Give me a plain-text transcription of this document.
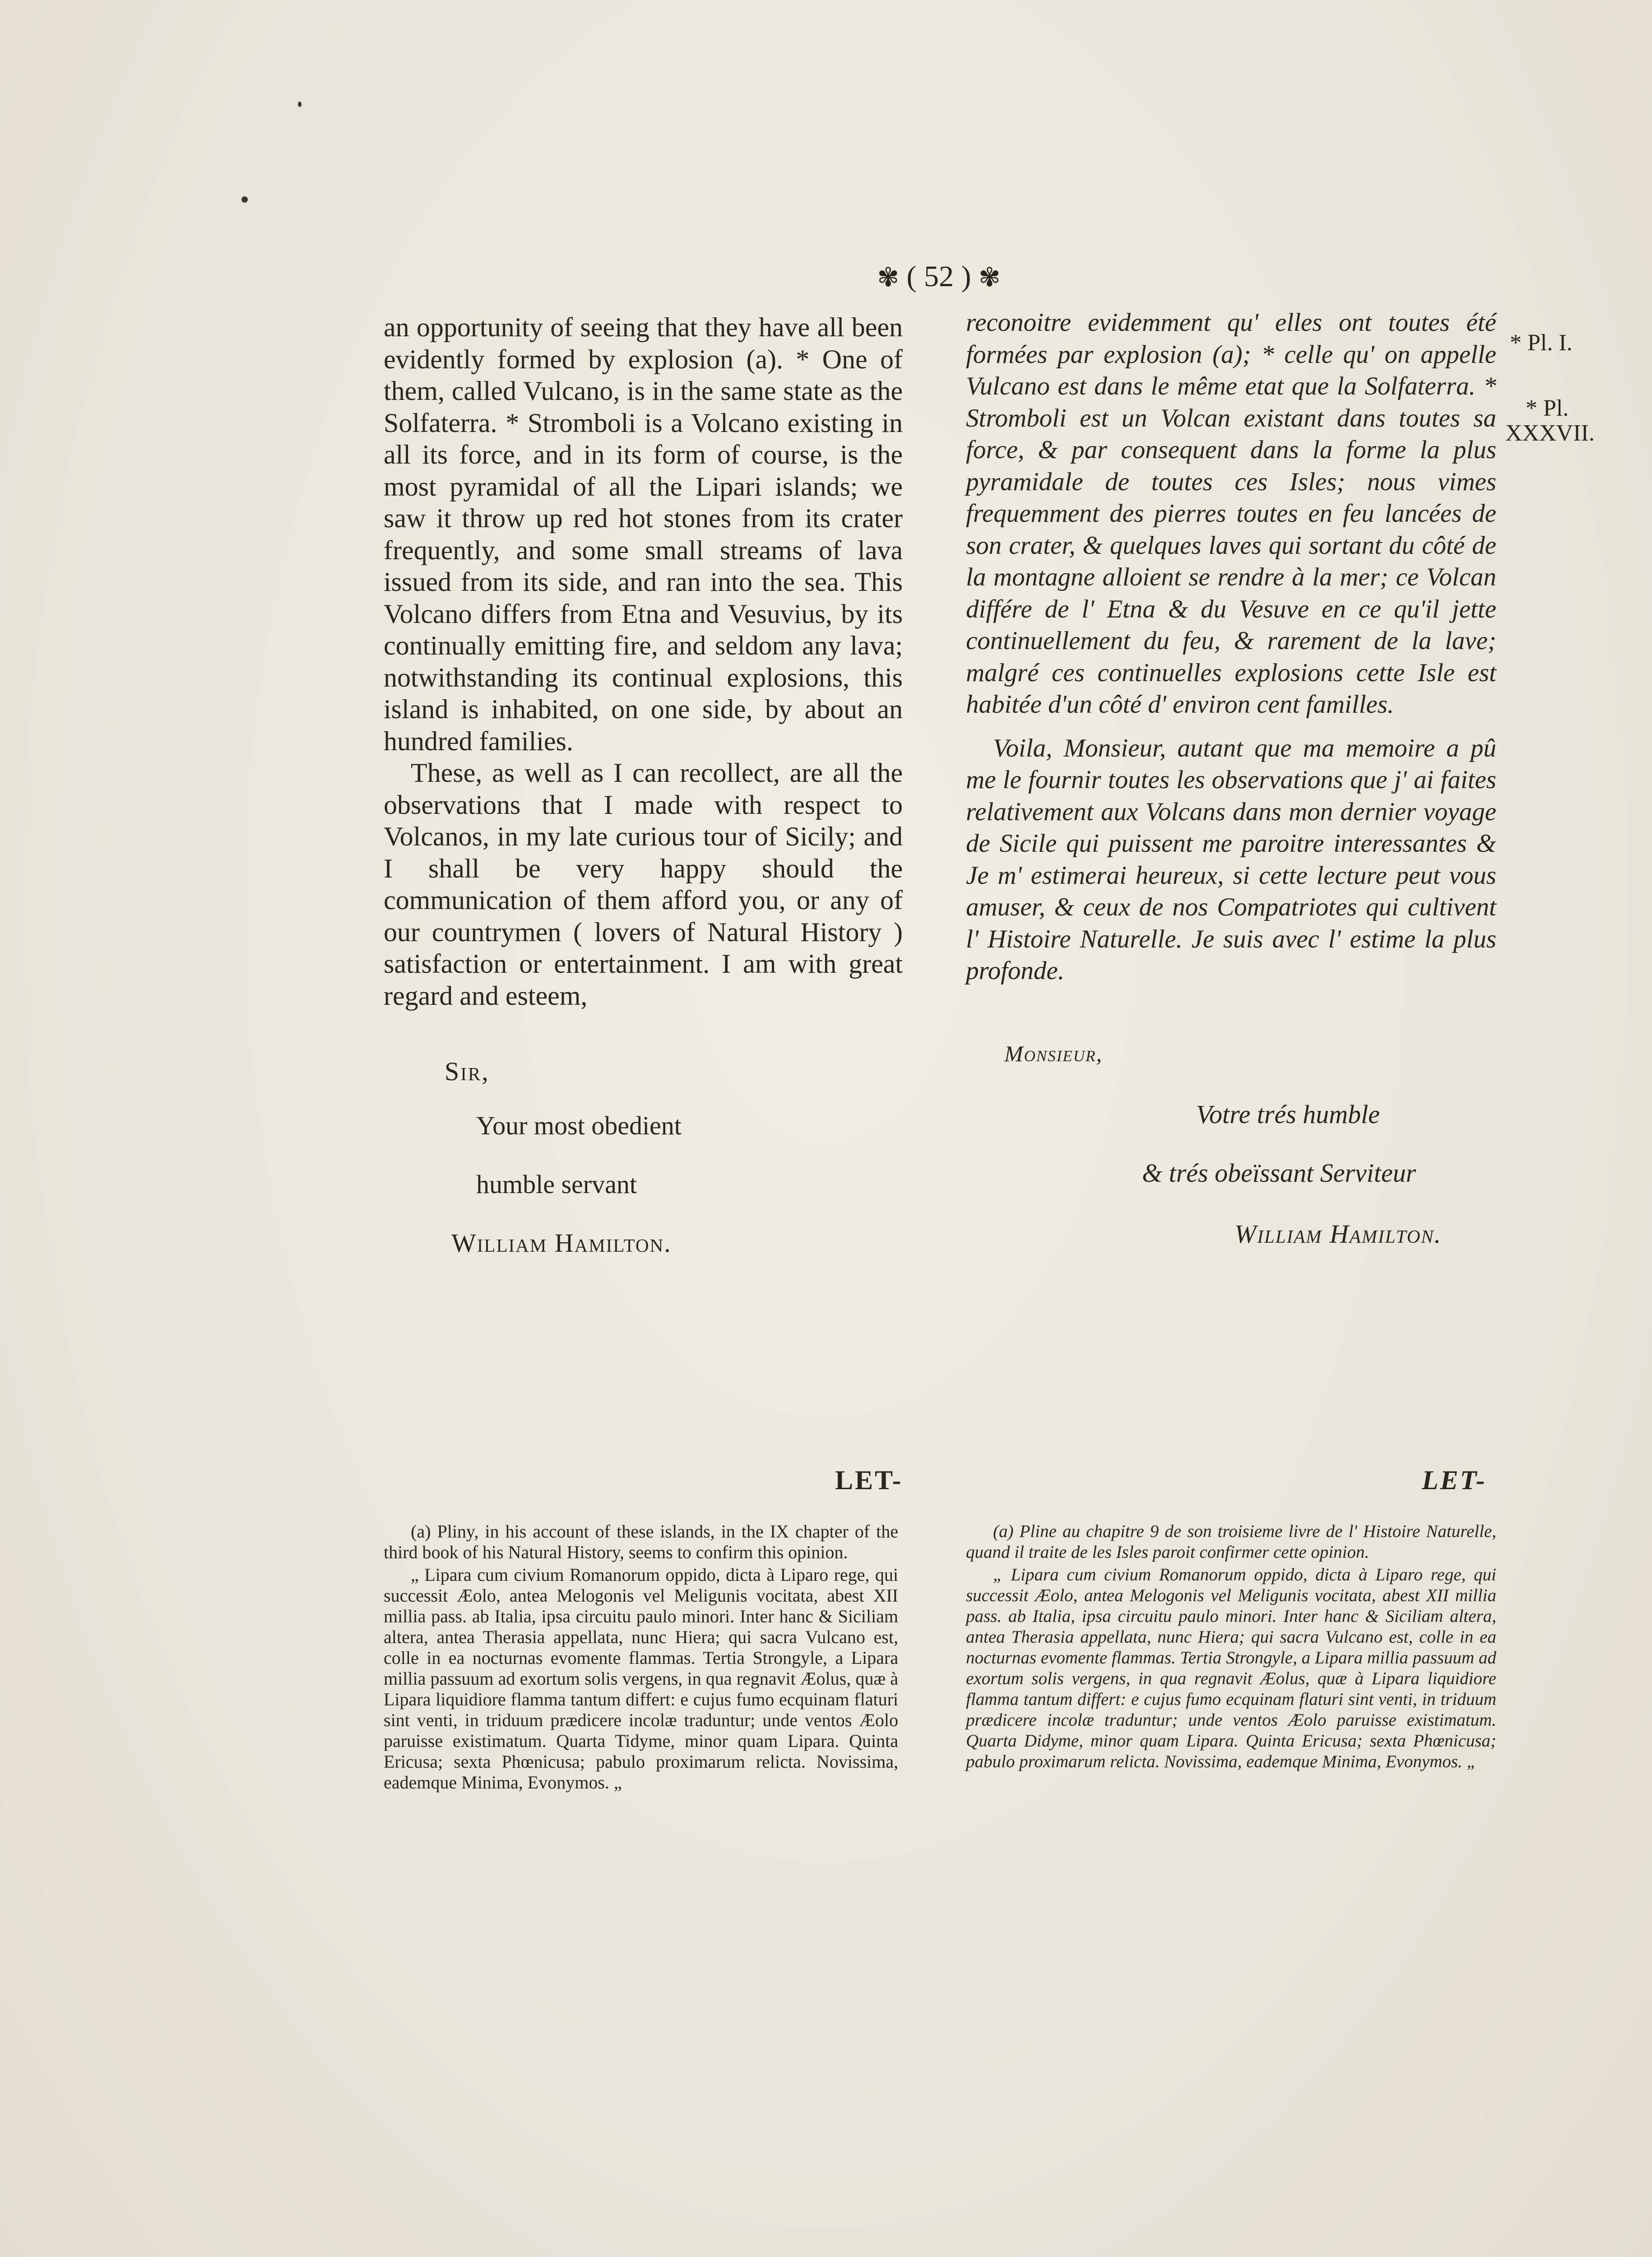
✾ ( 52 ) ✾

an opportunity of seeing that they have all been evidently formed by explosion (a). * One of them, called Vulcano, is in the same state as the Solfaterra. * Stromboli is a Volcano existing in all its force, and in its form of course, is the most pyramidal of all the Lipari islands; we saw it throw up red hot stones from its crater frequently, and some small streams of lava issued from its side, and ran into the sea. This Volcano differs from Etna and Vesuvius, by its continually emitting fire, and seldom any lava; notwithstanding its continual explosions, this island is inhabited, on one side, by about an hundred families.

These, as well as I can recollect, are all the observations that I made with respect to Volcanos, in my late curious tour of Sicily; and I shall be very happy should the communication of them afford you, or any of our countrymen ( lovers of Natural History ) satisfaction or entertainment. I am with great regard and esteem,

Sir,
Your most obedient
humble servant
William Hamilton.

reconoitre evidemment qu' elles ont toutes été formées par explosion (a); * celle qu' on appelle Vulcano est dans le même etat que la Solfaterra. * Stromboli est un Volcan existant dans toutes sa force, & par consequent dans la forme la plus pyramidale de toutes ces Isles; nous vimes frequemment des pierres toutes en feu lancées de son crater, & quelques laves qui sortant du côté de la montagne alloient se rendre à la mer; ce Volcan différe de l' Etna & du Vesuve en ce qu'il jette continuellement du feu, & rarement de la lave; malgré ces continuelles explosions cette Isle est habitée d'un côté d' environ cent familles.

Voila, Monsieur, autant que ma memoire a pû me le fournir toutes les observations que j' ai faites relativement aux Volcans dans mon dernier voyage de Sicile qui puissent me paroitre interessantes & Je m' estimerai heureux, si cette lecture peut vous amuser, & ceux de nos Compatriotes qui cultivent l' Histoire Naturelle. Je suis avec l' estime la plus profonde.

Monsieur,
Votre trés humble
& trés obeïssant Serviteur
William Hamilton.
* Pl. I.
* Pl.
XXXVII.
LET-	LET-

(a) Pliny, in his account of these islands, in the IX chapter of the third book of his Natural History, seems to confirm this opinion.

„ Lipara cum civium Romanorum oppido, dicta à Liparo rege, qui successit Æolo, antea Melogonis vel Meligunis vocitata, abest XII millia pass. ab Italia, ipsa circuitu paulo minori. Inter hanc & Siciliam altera, antea Therasia appellata, nunc Hiera; qui sacra Vulcano est, colle in ea nocturnas evomente flammas. Tertia Strongyle, a Lipara millia passuum ad exortum solis vergens, in qua regnavit Æolus, quæ à Lipara liquidiore flamma tantum differt: e cujus fumo ecquinam flaturi sint venti, in triduum prædicere incolæ traduntur; unde ventos Æolo paruisse existimatum. Quarta Tidyme, minor quam Lipara. Quinta Ericusa; sexta Phœnicusa; pabulo proximarum relicta. Novissima, eademque Minima, Evonymos. „

(a) Pline au chapitre 9 de son troisieme livre de l' Histoire Naturelle, quand il traite de les Isles paroit confirmer cette opinion.

„ Lipara cum civium Romanorum oppido, dicta à Liparo rege, qui successit Æolo, antea Melogonis vel Meligunis vocitata, abest XII millia pass. ab Italia, ipsa circuitu paulo minori. Inter hanc & Siciliam altera, antea Therasia appellata, nunc Hiera; qui sacra Vulcano est, colle in ea nocturnas evomente flammas. Tertia Strongyle, a Lipara millia passuum ad exortum solis vergens, in qua regnavit Æolus, quæ à Lipara liquidiore flamma tantum differt: e cujus fumo ecquinam flaturi sint venti, in triduum prædicere incolæ traduntur; unde ventos Æolo paruisse existimatum. Quarta Didyme, minor quam Lipara. Quinta Ericusa; sexta Phœnicusa; pabulo proximarum relicta. Novissima, eademque Minima, Evonymos. „
